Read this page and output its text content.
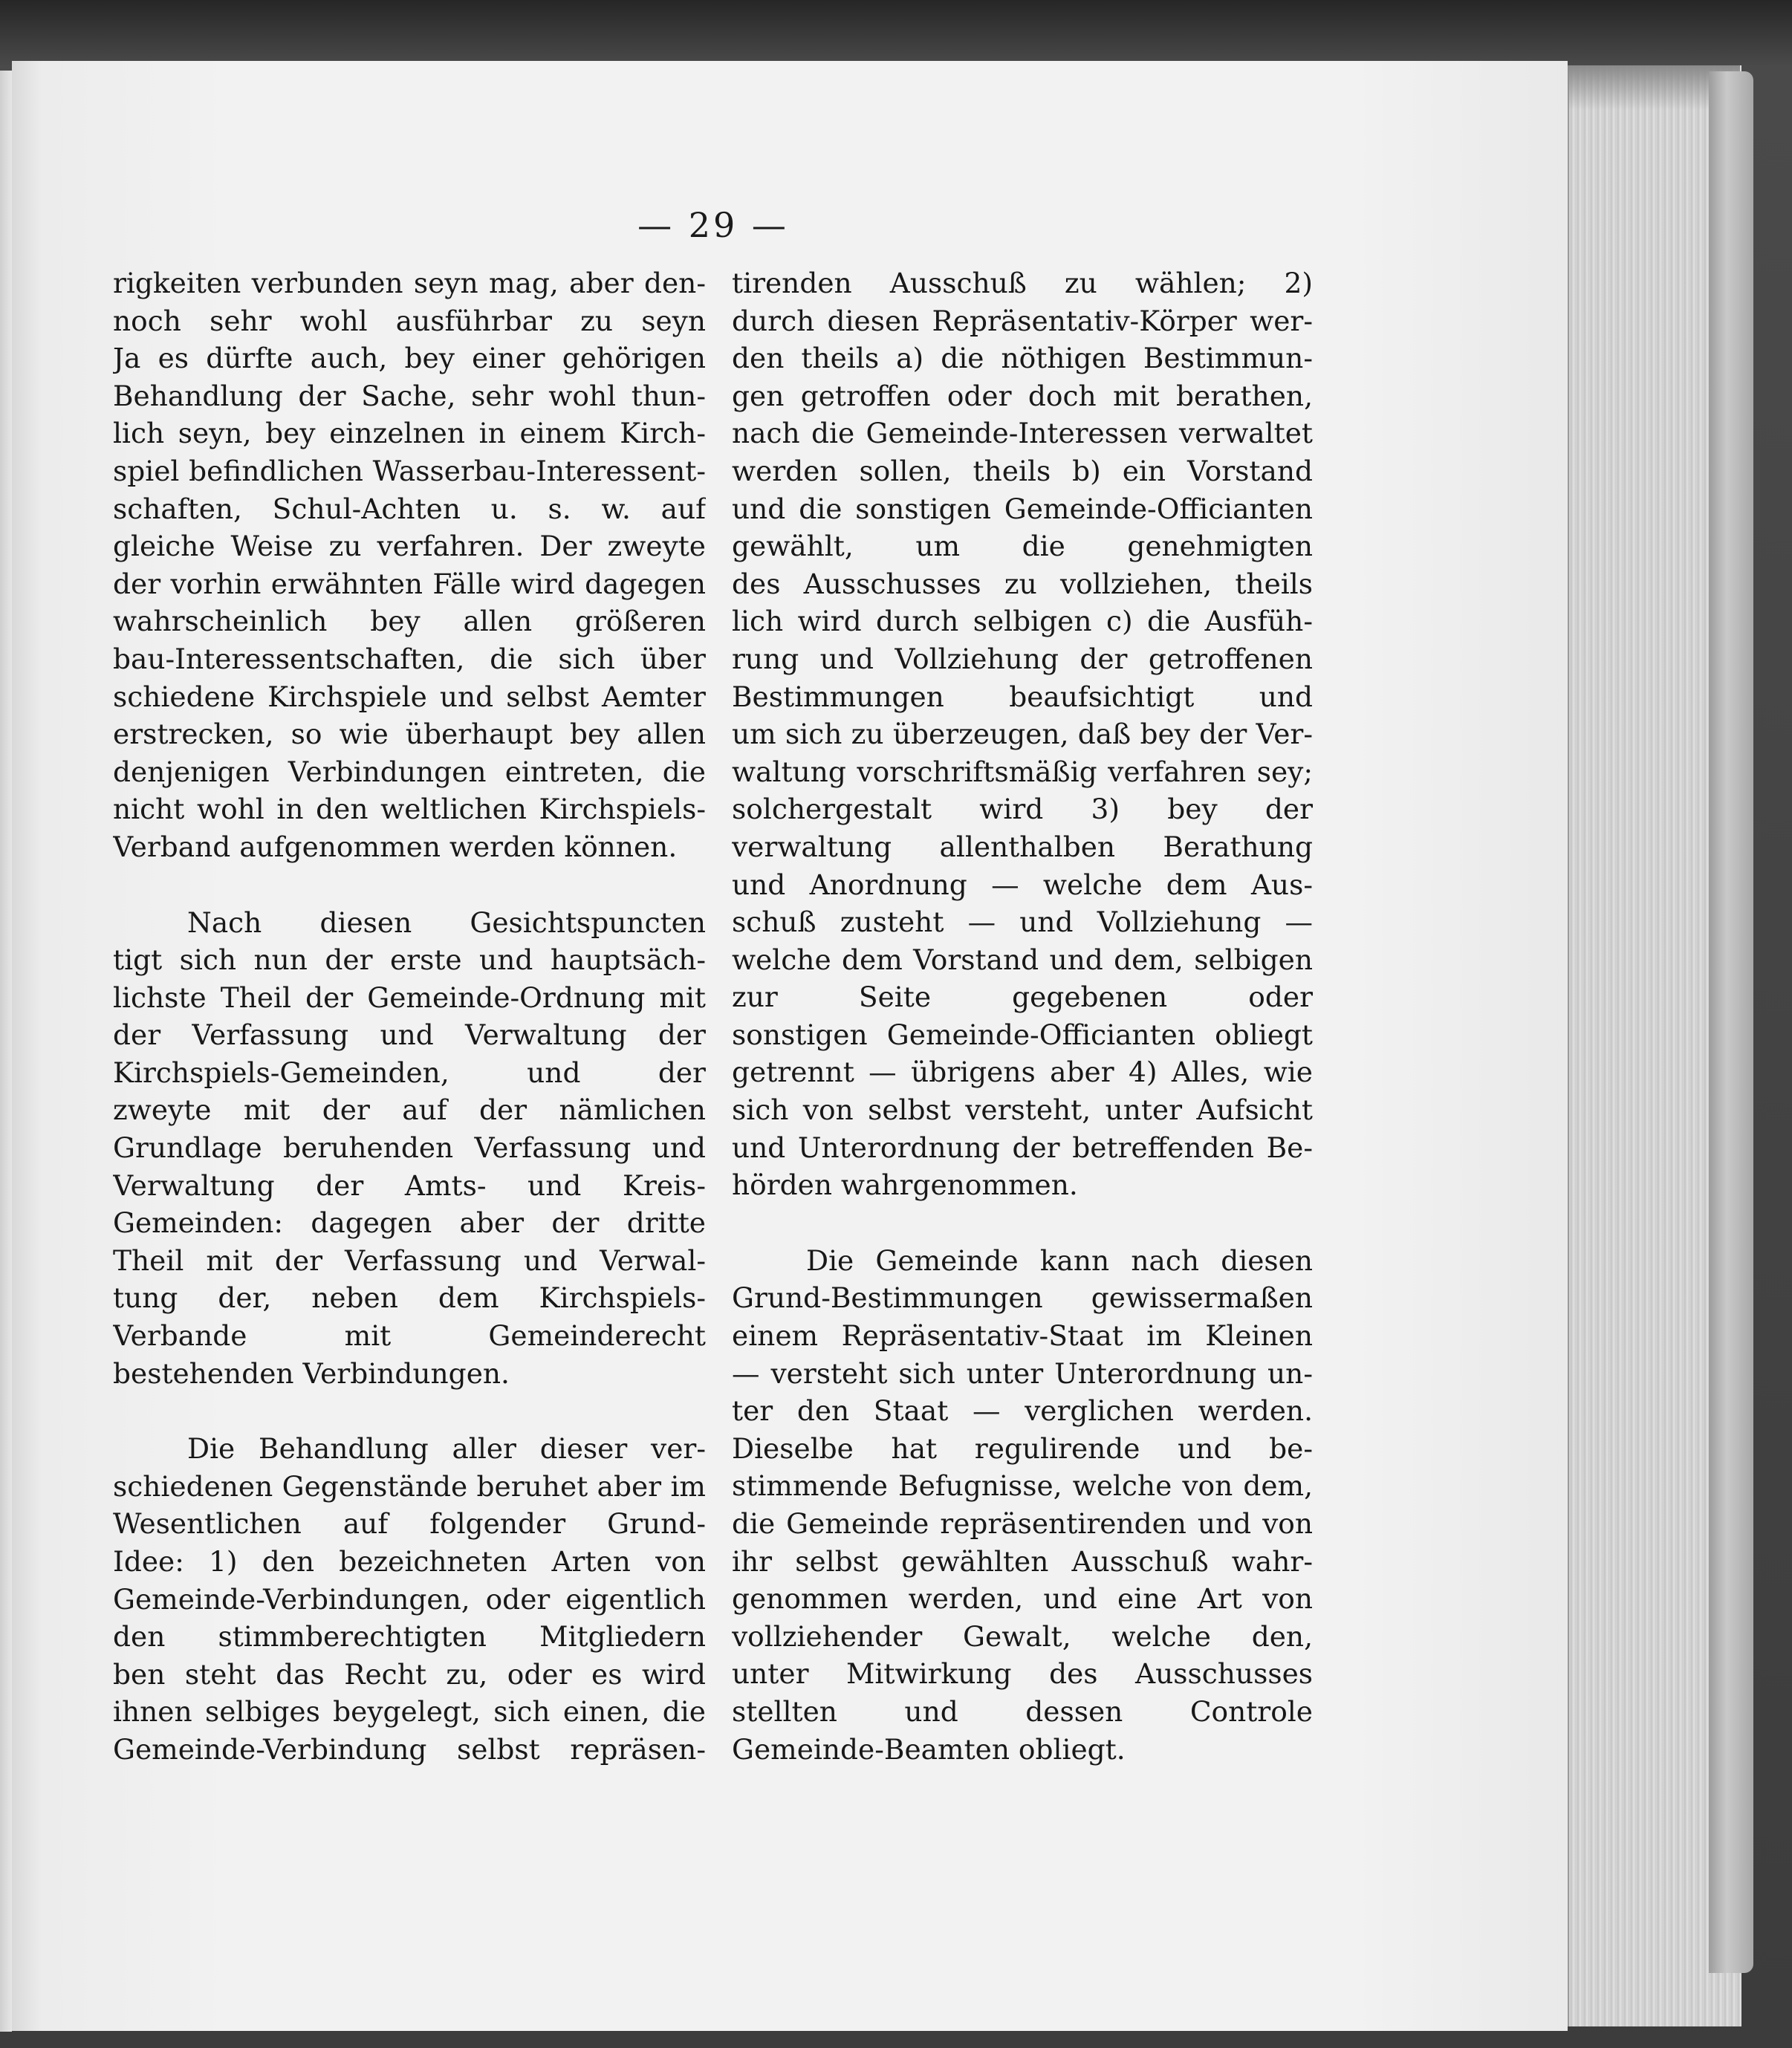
— 29 —
rigkeiten verbunden seyn mag, aber den-
noch sehr wohl ausführbar zu seyn
Ja es dürfte auch, bey einer gehörigen
Behandlung der Sache, sehr wohl thun-
lich seyn, bey einzelnen in einem Kirch-
spiel befindlichen Wasserbau-Interessent-
schaften, Schul-Achten u. s. w. auf
gleiche Weise zu verfahren. Der zweyte
der vorhin erwähnten Fälle wird dagegen
wahrscheinlich bey allen größeren
bau-Interessentschaften, die sich über
schiedene Kirchspiele und selbst Aemter
erstrecken, so wie überhaupt bey allen
denjenigen Verbindungen eintreten, die
nicht wohl in den weltlichen Kirchspiels-
Verband aufgenommen werden können.
Nach diesen Gesichtspuncten
tigt sich nun der erste und hauptsäch-
lichste Theil der Gemeinde-Ordnung mit
der Verfassung und Verwaltung der
Kirchspiels-Gemeinden, und der
zweyte mit der auf der nämlichen
Grundlage beruhenden Verfassung und
Verwaltung der Amts- und Kreis-
Gemeinden: dagegen aber der dritte
Theil mit der Verfassung und Verwal-
tung der, neben dem Kirchspiels-
Verbande mit Gemeinderecht
bestehenden Verbindungen.
Die Behandlung aller dieser ver-
schiedenen Gegenstände beruhet aber im
Wesentlichen auf folgender Grund-
Idee: 1) den bezeichneten Arten von
Gemeinde-Verbindungen, oder eigentlich
den stimmberechtigten Mitgliedern
ben steht das Recht zu, oder es wird
ihnen selbiges beygelegt, sich einen, die
Gemeinde-Verbindung selbst repräsen-
tirenden Ausschuß zu wählen; 2)
durch diesen Repräsentativ-Körper wer-
den theils a) die nöthigen Bestimmun-
gen getroffen oder doch mit berathen,
nach die Gemeinde-Interessen verwaltet
werden sollen, theils b) ein Vorstand
und die sonstigen Gemeinde-Officianten
gewählt, um die genehmigten
des Ausschusses zu vollziehen, theils
lich wird durch selbigen c) die Ausfüh-
rung und Vollziehung der getroffenen
Bestimmungen beaufsichtigt und
um sich zu überzeugen, daß bey der Ver-
waltung vorschriftsmäßig verfahren sey;
solchergestalt wird 3) bey der
verwaltung allenthalben Berathung
und Anordnung — welche dem Aus-
schuß zusteht — und Vollziehung —
welche dem Vorstand und dem, selbigen
zur Seite gegebenen oder
sonstigen Gemeinde-Officianten obliegt
getrennt — übrigens aber 4) Alles, wie
sich von selbst versteht, unter Aufsicht
und Unterordnung der betreffenden Be-
hörden wahrgenommen.
Die Gemeinde kann nach diesen
Grund-Bestimmungen gewissermaßen
einem Repräsentativ-Staat im Kleinen
— versteht sich unter Unterordnung un-
ter den Staat — verglichen werden.
Dieselbe hat regulirende und be-
stimmende Befugnisse, welche von dem,
die Gemeinde repräsentirenden und von
ihr selbst gewählten Ausschuß wahr-
genommen werden, und eine Art von
vollziehender Gewalt, welche den,
unter Mitwirkung des Ausschusses
stellten und dessen Controle
Gemeinde-Beamten obliegt.
